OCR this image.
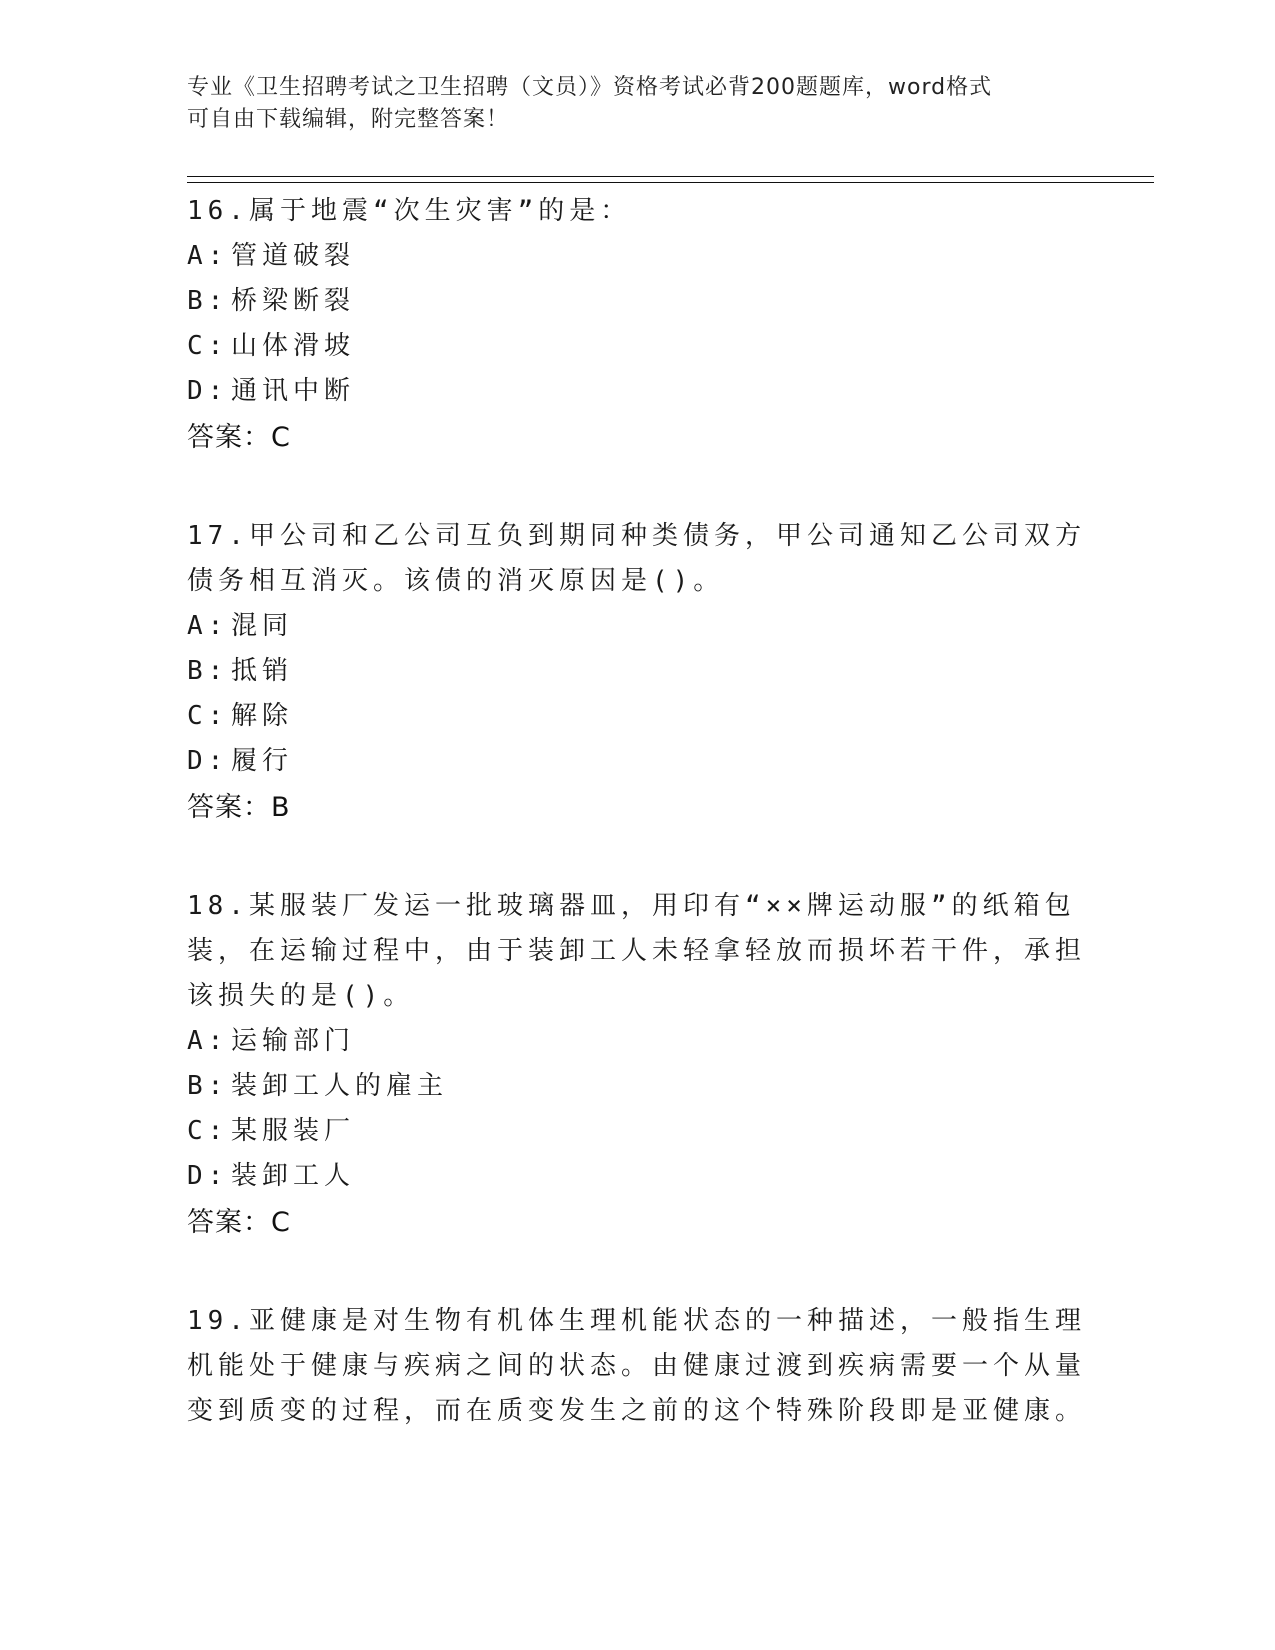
专业《卫生招聘考试之卫生招聘（文员）》资格考试必背200题题库，word格式
可自由下载编辑，附完整答案！

16.属于地震“次生灾害”的是：

A: 管道破裂
B: 桥梁断裂
C: 山体滑坡
D: 通讯中断
答案：C

17.甲公司和乙公司互负到期同种类债务，甲公司通知乙公司双方债务相互消灭。该债的消灭原因是()。

A: 混同
B: 抵销
C: 解除
D: 履行
答案：B

18.某服装厂发运一批玻璃器皿，用印有“××牌运动服”的纸箱包装，在运输过程中，由于装卸工人未轻拿轻放而损坏若干件，承担该损失的是()。

A: 运输部门
B: 装卸工人的雇主
C: 某服装厂
D: 装卸工人
答案：C

19.亚健康是对生物有机体生理机能状态的一种描述，一般指生理机能处于健康与疾病之间的状态。由健康过渡到疾病需要一个从量变到质变的过程，而在质变发生之前的这个特殊阶段即是亚健康。
